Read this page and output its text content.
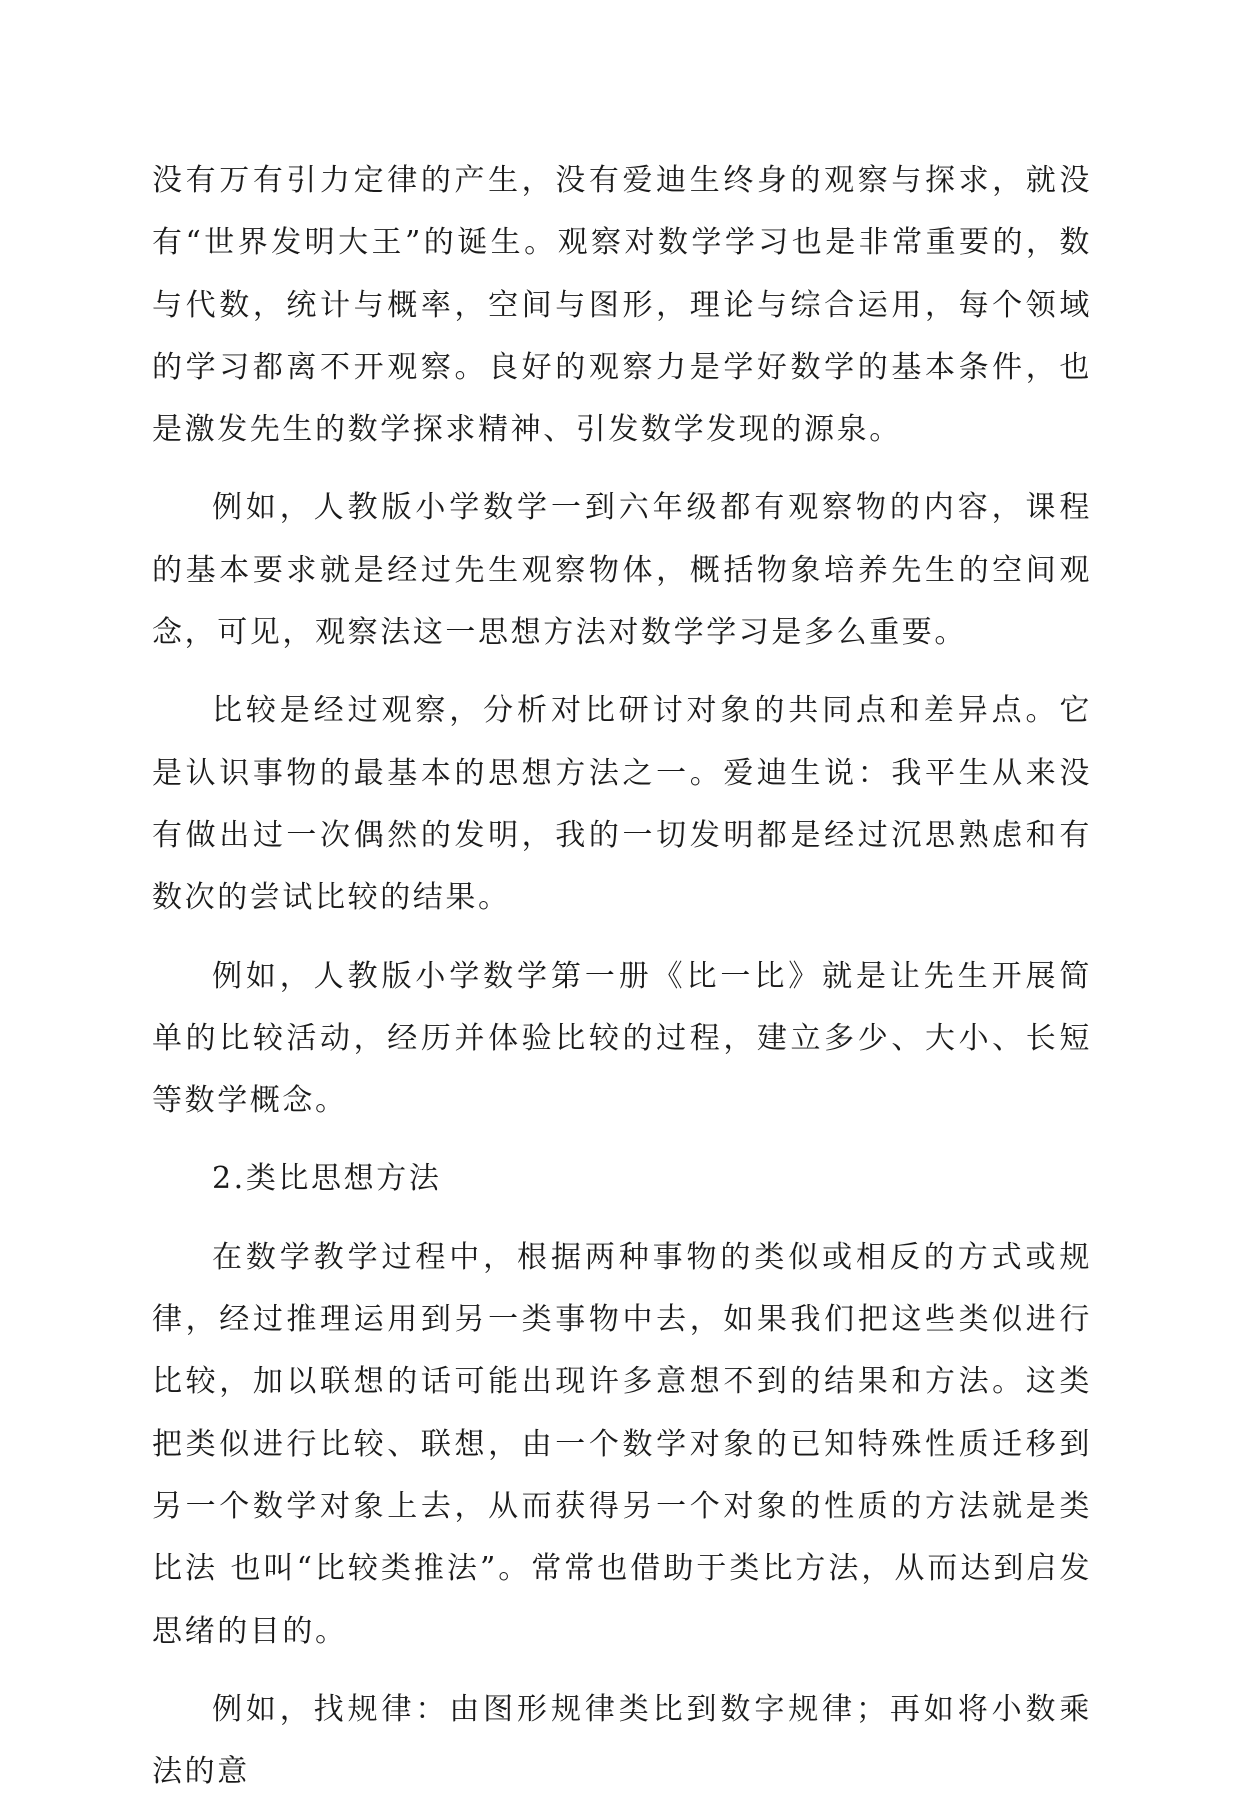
没有万有引力定律的产生，没有爱迪生终身的观察与探求，就没有“世界发明大王”的诞生。观察对数学学习也是非常重要的，数与代数，统计与概率，空间与图形，理论与综合运用，每个领域的学习都离不开观察。良好的观察力是学好数学的基本条件，也是激发先生的数学探求精神、引发数学发现的源泉。

例如，人教版小学数学一到六年级都有观察物的内容，课程的基本要求就是经过先生观察物体，概括物象培养先生的空间观念，可见，观察法这一思想方法对数学学习是多么重要。

比较是经过观察，分析对比研讨对象的共同点和差异点。它是认识事物的最基本的思想方法之一。爱迪生说：我平生从来没有做出过一次偶然的发明，我的一切发明都是经过沉思熟虑和有数次的尝试比较的结果。

例如，人教版小学数学第一册《比一比》就是让先生开展简单的比较活动，经历并体验比较的过程，建立多少、大小、长短等数学概念。

2.类比思想方法

在数学教学过程中，根据两种事物的类似或相反的方式或规律，经过推理运用到另一类事物中去，如果我们把这些类似进行比较，加以联想的话可能出现许多意想不到的结果和方法。这类把类似进行比较、联想，由一个数学对象的已知特殊性质迁移到另一个数学对象上去，从而获得另一个对象的性质的方法就是类比法 也叫“比较类推法”。常常也借助于类比方法，从而达到启发思绪的目的。

例如，找规律：由图形规律类比到数字规律；再如将小数乘法的意
